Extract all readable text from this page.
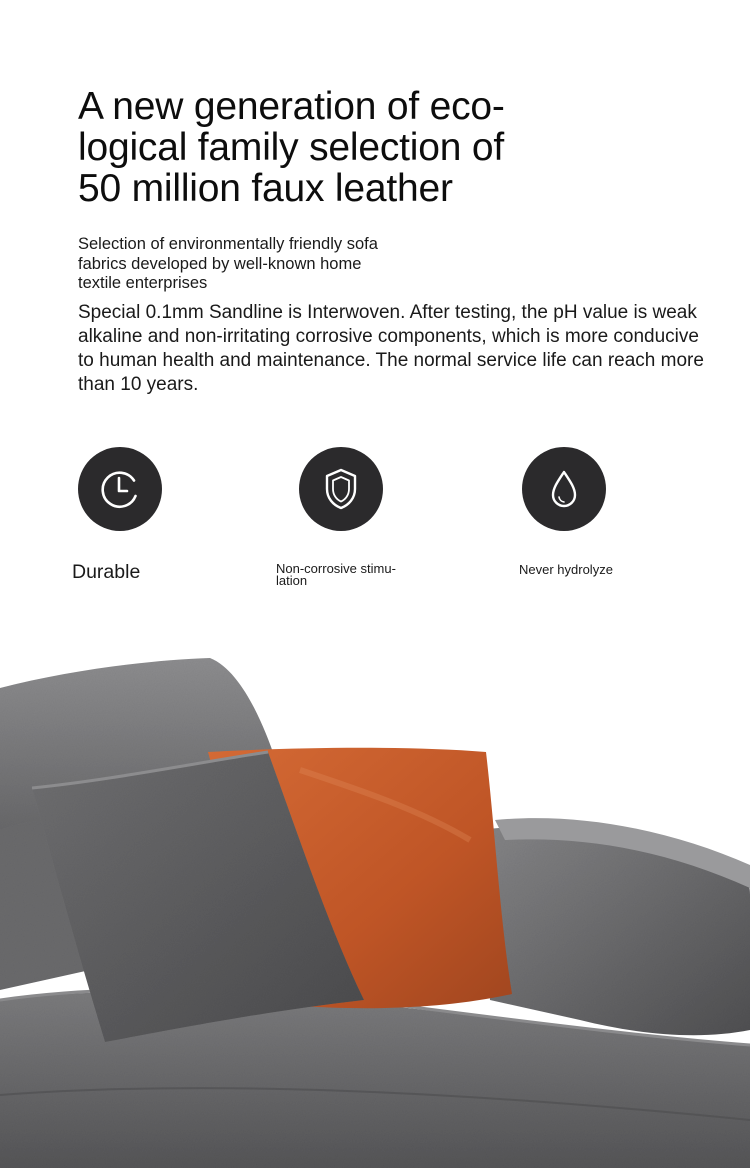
A new generation of eco-
logical family selection of
50 million faux leather

Selection of environmentally friendly sofa
fabrics developed by well-known home
textile enterprises

Special 0.1mm Sandline is Interwoven. After testing, the pH value is weak
alkaline and non-irritating corrosive components, which is more conducive
to human health and maintenance. The normal service life can reach more
than 10 years.

Durable	Non-corrosive stimu-
lation

Never hydrolyze
